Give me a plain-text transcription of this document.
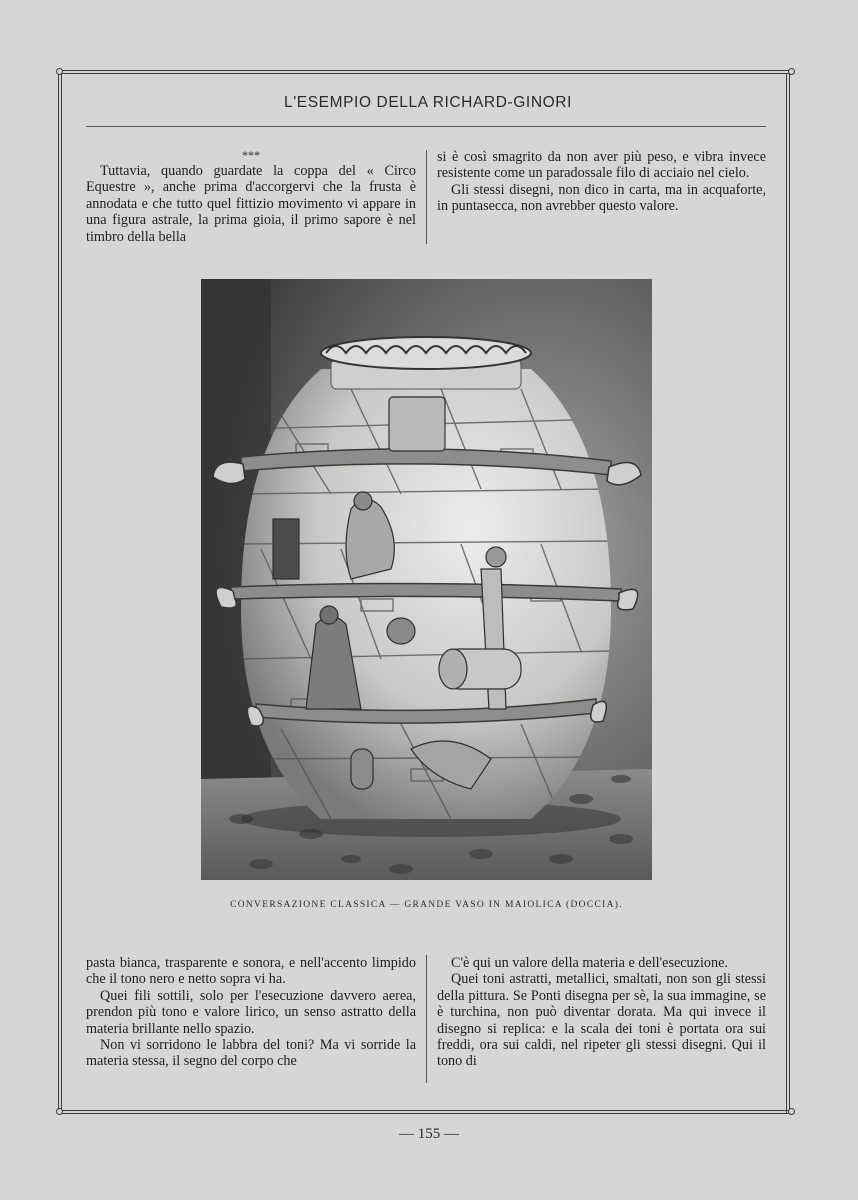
L'ESEMPIO DELLA RICHARD-GINORI

***

Tuttavia, quando guardate la coppa del « Circo Equestre », anche prima d'accorgervi che la frusta è annodata e che tutto quel fittizio movimento vi appare in una figura astrale, la prima gioia, il primo sapore è nel timbro della bella

si è così smagrito da non aver più peso, e vibra invece resistente come un paradossale filo di acciaio nel cielo.

Gli stessi disegni, non dico in carta, ma in acquaforte, in puntasecca, non avrebber questo valore.

CONVERSAZIONE CLASSICA — GRANDE VASO IN MAIOLICA (DOCCIA).

pasta bianca, trasparente e sonora, e nell'accento limpido che il tono nero e netto sopra vi ha.

Quei fili sottili, solo per l'esecuzione davvero aerea, prendon più tono e valore lirico, un senso astratto della materia brillante nello spazio.

Non vi sorridono le labbra del toni? Ma vi sorride la materia stessa, il segno del corpo che

C'è qui un valore della materia e dell'esecuzione.

Quei toni astratti, metallici, smaltati, non son gli stessi della pittura. Se Ponti disegna per sè, la sua immagine, se è turchina, non può diventar dorata. Ma qui invece il disegno si replica: e la scala dei toni è portata ora sui freddi, ora sui caldi, nel ripeter gli stessi disegni. Qui il tono di

— 155 —
